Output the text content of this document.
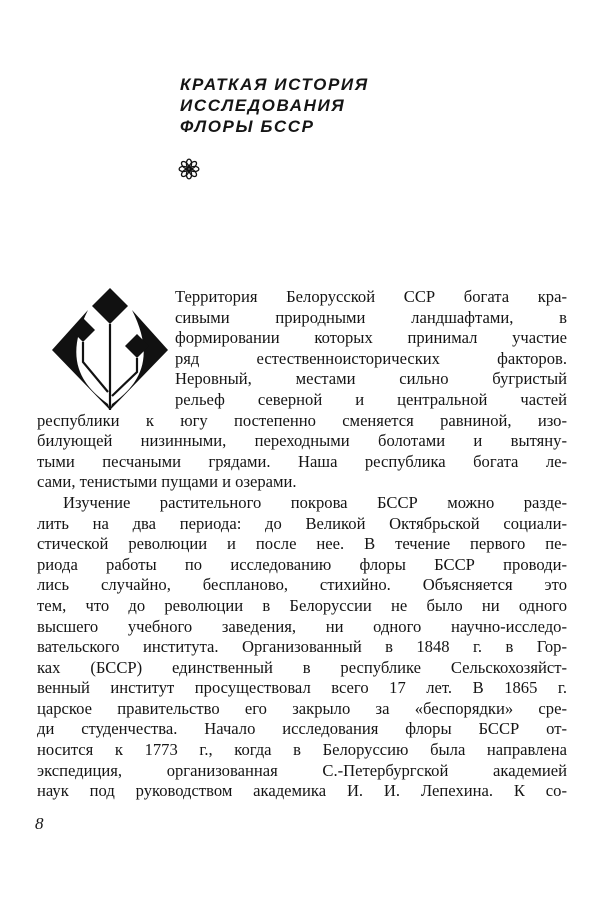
КРАТКАЯ ИСТОРИЯ
ИССЛЕДОВАНИЯ
ФЛОРЫ БССР
Территория Белорусской ССР богата кра-
сивыми природными ландшафтами, в
формировании которых принимал участие
ряд естественноисторических факторов.
Неровный, местами сильно бугристый
рельеф северной и центральной частей
республики к югу постепенно сменяется равниной, изо-
билующей низинными, переходными болотами и вытяну-
тыми песчаными грядами. Наша республика богата ле-
сами, тенистыми пущами и озерами.
Изучение растительного покрова БССР можно разде-
лить на два периода: до Великой Октябрьской социали-
стической революции и после нее. В течение первого пе-
риода работы по исследованию флоры БССР проводи-
лись случайно, беспланово, стихийно. Объясняется это
тем, что до революции в Белоруссии не было ни одного
высшего учебного заведения, ни одного научно-исследо-
вательского института. Организованный в 1848 г. в Гор-
ках (БССР) единственный в республике Сельскохозяйст-
венный институт просуществовал всего 17 лет. В 1865 г.
царское правительство его закрыло за «беспорядки» сре-
ди студенчества. Начало исследования флоры БССР от-
носится к 1773 г., когда в Белоруссию была направлена
экспедиция, организованная С.-Петербургской академией
наук под руководством академика И. И. Лепехина. К со-
8
